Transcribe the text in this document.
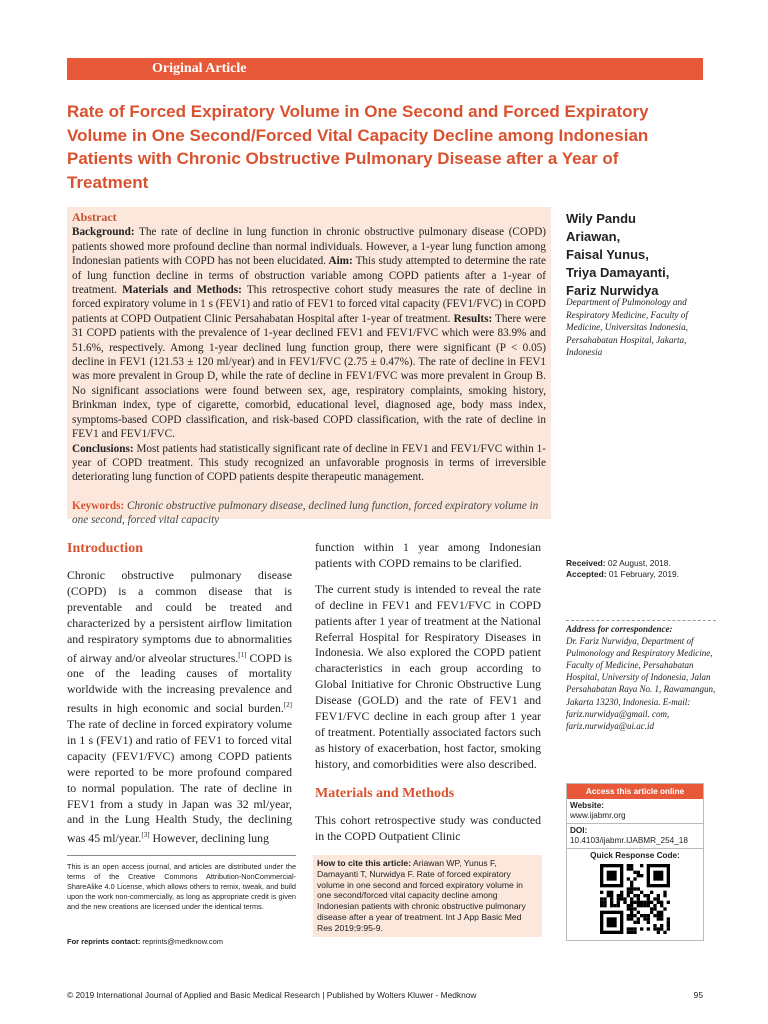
Original Article
Rate of Forced Expiratory Volume in One Second and Forced Expiratory Volume in One Second/Forced Vital Capacity Decline among Indonesian Patients with Chronic Obstructive Pulmonary Disease after a Year of Treatment
Abstract

Background: The rate of decline in lung function in chronic obstructive pulmonary disease (COPD) patients showed more profound decline than normal individuals. However, a 1-year lung function among Indonesian patients with COPD has not been elucidated. Aim: This study attempted to determine the rate of lung function decline in terms of obstruction variable among COPD patients after a 1-year of treatment. Materials and Methods: This retrospective cohort study measures the rate of decline in forced expiratory volume in 1 s (FEV1) and ratio of FEV1 to forced vital capacity (FEV1/FVC) in COPD patients at COPD Outpatient Clinic Persahabatan Hospital after 1-year of treatment. Results: There were 31 COPD patients with the prevalence of 1-year declined FEV1 and FEV1/FVC which were 83.9% and 51.6%, respectively. Among 1-year declined lung function group, there were significant (P < 0.05) decline in FEV1 (121.53 ± 120 ml/year) and in FEV1/FVC (2.75 ± 0.47%). The rate of decline in FEV1 was more prevalent in Group D, while the rate of decline in FEV1/FVC was more prevalent in Group B. No significant associations were found between sex, age, respiratory complaints, smoking history, Brinkman index, type of cigarette, comorbid, educational level, diagnosed age, body mass index, symptoms-based COPD classification, and risk-based COPD classification, with the rate of decline in FEV1 and FEV1/FVC.
Conclusions: Most patients had statistically significant rate of decline in FEV1 and FEV1/FVC within 1-year of COPD treatment. This study recognized an unfavorable prognosis in terms of irreversible deteriorating lung function of COPD patients despite therapeutic management.

Keywords: Chronic obstructive pulmonary disease, declined lung function, forced expiratory volume in one second, forced vital capacity

Wily Pandu
Ariawan,
Faisal Yunus,
Triya Damayanti,
Fariz Nurwidya
Department of Pulmonology and Respiratory Medicine, Faculty of Medicine, Universitas Indonesia, Persahabatan Hospital, Jakarta, Indonesia
Introduction

Chronic obstructive pulmonary disease (COPD) is a common disease that is preventable and could be treated and characterized by a persistent airflow limitation and respiratory symptoms due to abnormalities of airway and/or alveolar structures.[1] COPD is one of the leading causes of mortality worldwide with the increasing prevalence and results in high economic and social burden.[2] The rate of decline in forced expiratory volume in 1 s (FEV1) and ratio of FEV1 to forced vital capacity (FEV1/FVC) among COPD patients were reported to be more profound compared to normal population. The rate of decline in FEV1 from a study in Japan was 32 ml/year, and in the Lung Health Study, the declining was 45 ml/year.[3] However, declining lung

function within 1 year among Indonesian patients with COPD remains to be clarified.

The current study is intended to reveal the rate of decline in FEV1 and FEV1/FVC in COPD patients after 1 year of treatment at the National Referral Hospital for Respiratory Diseases in Indonesia. We also explored the COPD patient characteristics in each group according to Global Initiative for Chronic Obstructive Lung Disease (GOLD) and the rate of FEV1 and FEV1/FVC decline in each group after 1 year of treatment. Potentially associated factors such as history of exacerbation, host factor, smoking history, and comorbidities were also described.

Materials and Methods

This cohort retrospective study was conducted in the COPD Outpatient Clinic

This is an open access journal, and articles are distributed under the terms of the Creative Commons Attribution-NonCommercial-ShareAlike 4.0 License, which allows others to remix, tweak, and build upon the work non-commercially, as long as appropriate credit is given and the new creations are licensed under the identical terms.
For reprints contact: reprints@medknow.com
How to cite this article: Ariawan WP, Yunus F, Damayanti T, Nurwidya F. Rate of forced expiratory volume in one second and forced expiratory volume in one second/forced vital capacity decline among Indonesian patients with chronic obstructive pulmonary disease after a year of treatment. Int J App Basic Med Res 2019;9:95-9.
Received: 02 August, 2018.
Accepted: 01 February, 2019.
Address for correspondence:
Dr. Fariz Nurwidya, Department of Pulmonology and Respiratory Medicine, Faculty of Medicine, Persahabatan Hospital, University of Indonesia, Jalan Persahabatan Raya No. 1, Rawamangun, Jakarta 13230, Indonesia. E-mail: fariz.nurwidya@gmail. com, fariz.nurwidya@ui.ac.id
Access this article online
Website:
www.ijabmr.org
DOI:
10.4103/ijabmr.IJABMR_254_18
Quick Response Code:
© 2019 International Journal of Applied and Basic Medical Research | Published by Wolters Kluwer - Medknow	95
